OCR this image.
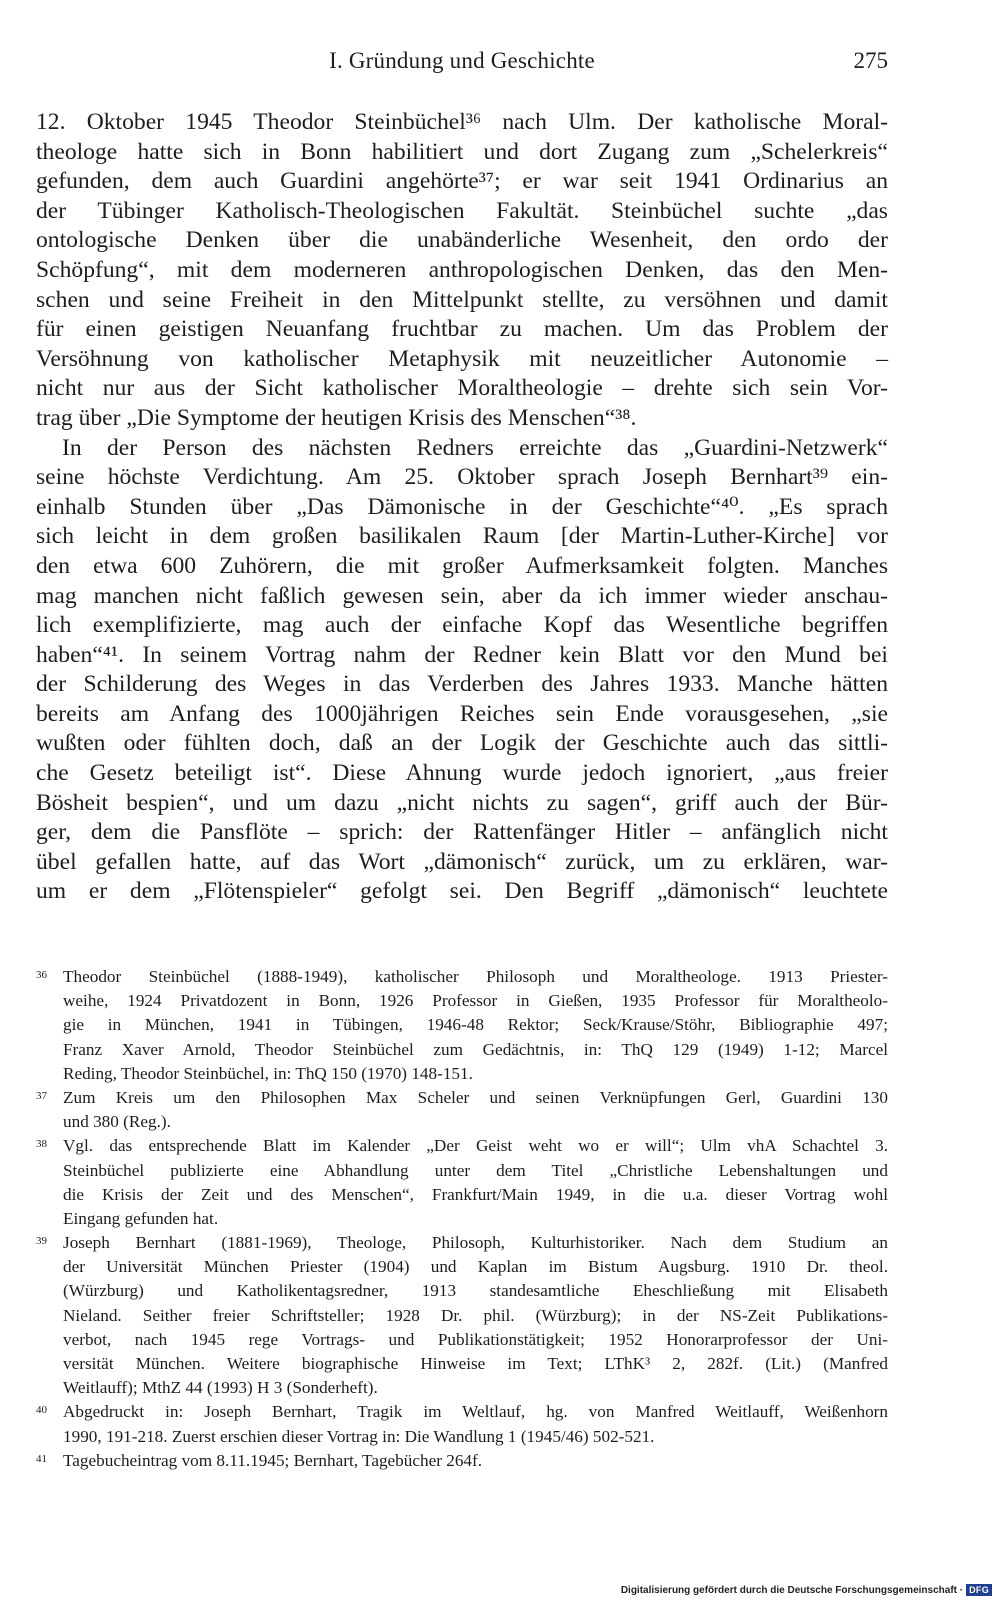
I. Gründung und Geschichte	275
12. Oktober 1945 Theodor Steinbüchel³⁶ nach Ulm. Der katholische Moral-
theologe hatte sich in Bonn habilitiert und dort Zugang zum „Schelerkreis“
gefunden, dem auch Guardini angehörte³⁷; er war seit 1941 Ordinarius an
der Tübinger Katholisch-Theologischen Fakultät. Steinbüchel suchte „das
ontologische Denken über die unabänderliche Wesenheit, den ordo der
Schöpfung“, mit dem moderneren anthropologischen Denken, das den Men-
schen und seine Freiheit in den Mittelpunkt stellte, zu versöhnen und damit
für einen geistigen Neuanfang fruchtbar zu machen. Um das Problem der
Versöhnung von katholischer Metaphysik mit neuzeitlicher Autonomie –
nicht nur aus der Sicht katholischer Moraltheologie – drehte sich sein Vor-
trag über „Die Symptome der heutigen Krisis des Menschen“³⁸.
In der Person des nächsten Redners erreichte das „Guardini-Netzwerk“
seine höchste Verdichtung. Am 25. Oktober sprach Joseph Bernhart³⁹ ein-
einhalb Stunden über „Das Dämonische in der Geschichte“⁴⁰. „Es sprach
sich leicht in dem großen basilikalen Raum [der Martin-Luther-Kirche] vor
den etwa 600 Zuhörern, die mit großer Aufmerksamkeit folgten. Manches
mag manchen nicht faßlich gewesen sein, aber da ich immer wieder anschau-
lich exemplifizierte, mag auch der einfache Kopf das Wesentliche begriffen
haben“⁴¹. In seinem Vortrag nahm der Redner kein Blatt vor den Mund bei
der Schilderung des Weges in das Verderben des Jahres 1933. Manche hätten
bereits am Anfang des 1000jährigen Reiches sein Ende vorausgesehen, „sie
wußten oder fühlten doch, daß an der Logik der Geschichte auch das sittli-
che Gesetz beteiligt ist“. Diese Ahnung wurde jedoch ignoriert, „aus freier
Bösheit bespien“, und um dazu „nicht nichts zu sagen“, griff auch der Bür-
ger, dem die Pansflöte – sprich: der Rattenfänger Hitler – anfänglich nicht
übel gefallen hatte, auf das Wort „dämonisch“ zurück, um zu erklären, war-
um er dem „Flötenspieler“ gefolgt sei. Den Begriff „dämonisch“ leuchtete
36 Theodor Steinbüchel (1888-1949), katholischer Philosoph und Moraltheologe. 1913 Priester-
weihe, 1924 Privatdozent in Bonn, 1926 Professor in Gießen, 1935 Professor für Moraltheolo-
gie in München, 1941 in Tübingen, 1946-48 Rektor; Seck/Krause/Stöhr, Bibliographie 497;
Franz Xaver Arnold, Theodor Steinbüchel zum Gedächtnis, in: ThQ 129 (1949) 1-12; Marcel
Reding, Theodor Steinbüchel, in: ThQ 150 (1970) 148-151.
37 Zum Kreis um den Philosophen Max Scheler und seinen Verknüpfungen Gerl, Guardini 130
und 380 (Reg.).
38 Vgl. das entsprechende Blatt im Kalender „Der Geist weht wo er will“; Ulm vhA Schachtel 3.
Steinbüchel publizierte eine Abhandlung unter dem Titel „Christliche Lebenshaltungen und
die Krisis der Zeit und des Menschen“, Frankfurt/Main 1949, in die u.a. dieser Vortrag wohl
Eingang gefunden hat.
39 Joseph Bernhart (1881-1969), Theologe, Philosoph, Kulturhistoriker. Nach dem Studium an
der Universität München Priester (1904) und Kaplan im Bistum Augsburg. 1910 Dr. theol.
(Würzburg) und Katholikentagsredner, 1913 standesamtliche Eheschließung mit Elisabeth
Nieland. Seither freier Schriftsteller; 1928 Dr. phil. (Würzburg); in der NS-Zeit Publikations-
verbot, nach 1945 rege Vortrags- und Publikationstätigkeit; 1952 Honorarprofessor der Uni-
versität München. Weitere biographische Hinweise im Text; LThK³ 2, 282f. (Lit.) (Manfred
Weitlauff); MthZ 44 (1993) H 3 (Sonderheft).
40 Abgedruckt in: Joseph Bernhart, Tragik im Weltlauf, hg. von Manfred Weitlauff, Weißenhorn
1990, 191-218. Zuerst erschien dieser Vortrag in: Die Wandlung 1 (1945/46) 502-521.
41 Tagebucheintrag vom 8.11.1945; Bernhart, Tagebücher 264f.
Digitalisierung gefördert durch die Deutsche Forschungsgemeinschaft · DFG
